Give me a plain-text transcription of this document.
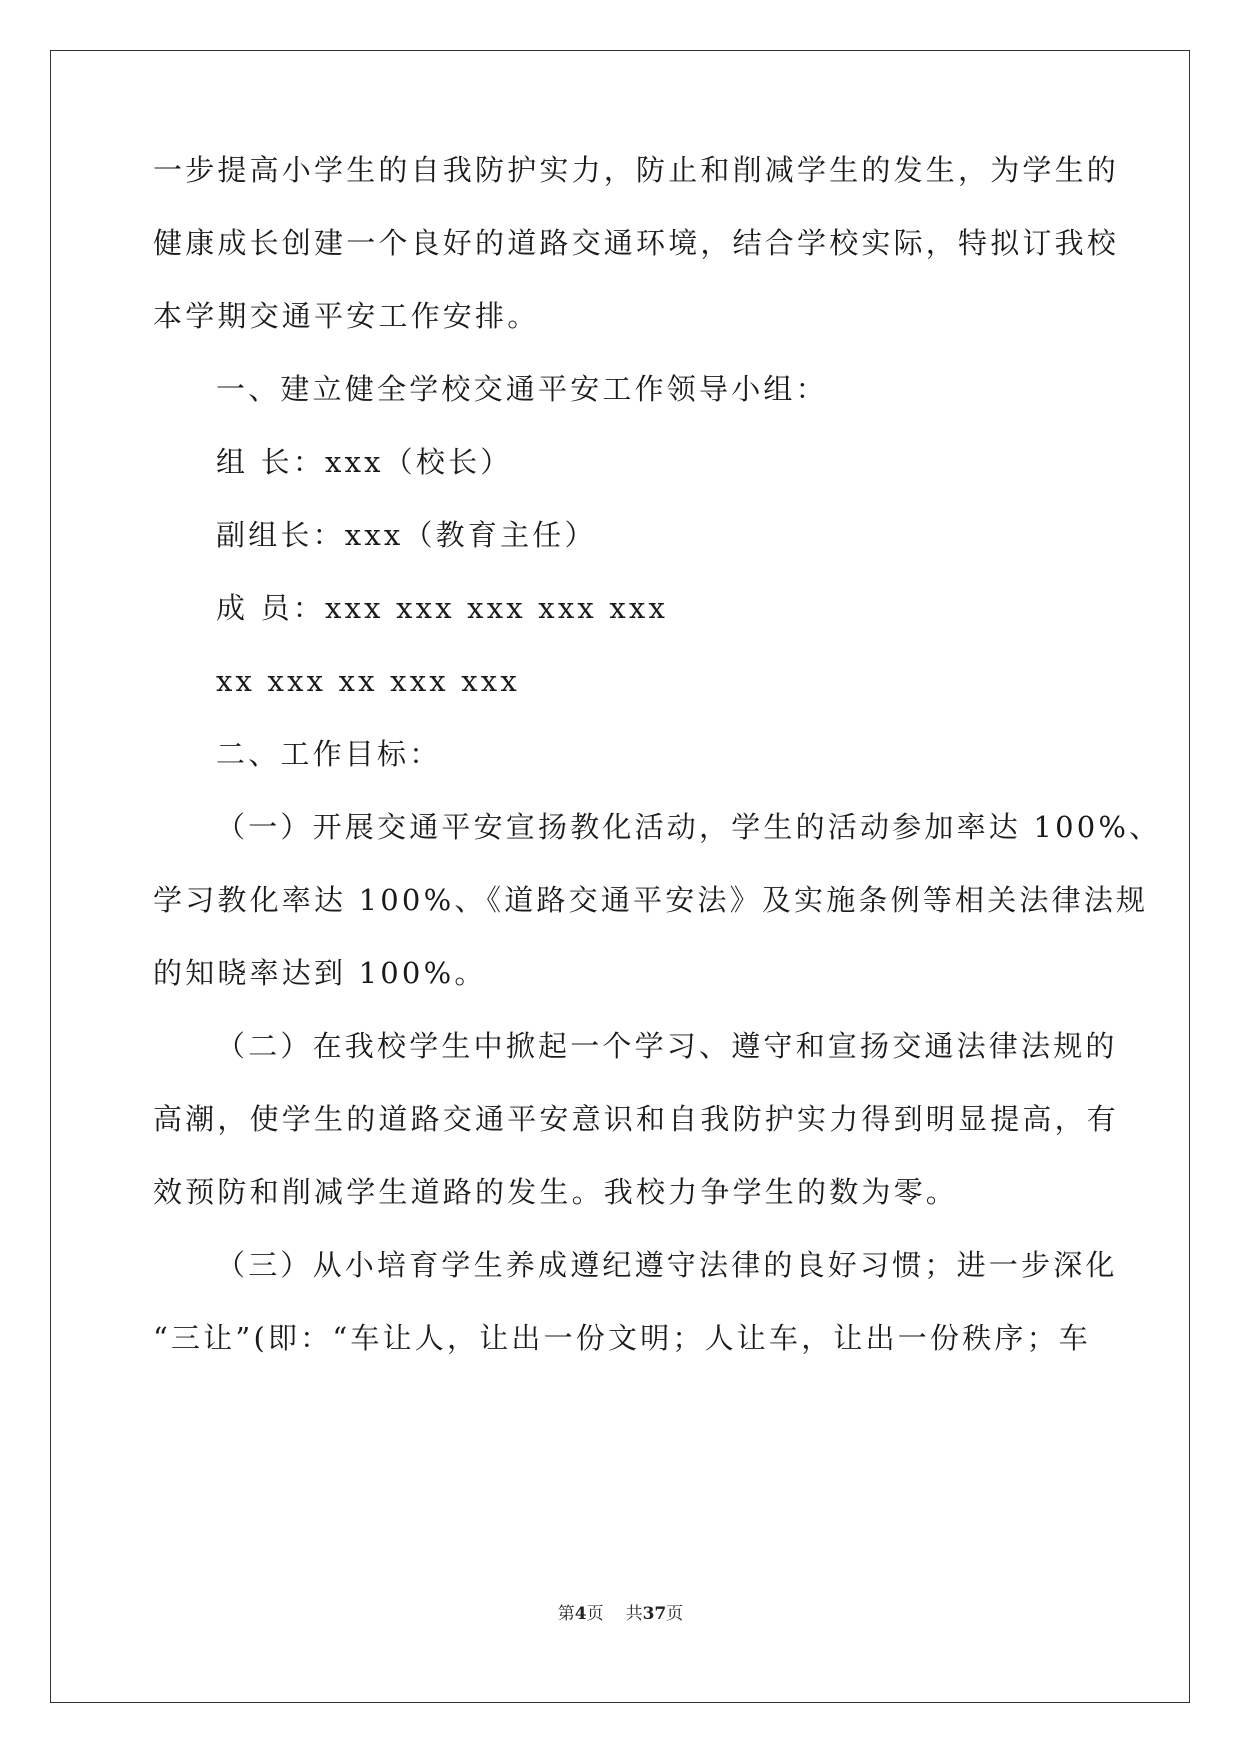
一步提高小学生的自我防护实力，防止和削减学生的发生，为学生的
健康成长创建一个良好的道路交通环境，结合学校实际，特拟订我校
本学期交通平安工作安排。
一、建立健全学校交通平安工作领导小组：
组 长：xxx（校长）
副组长：xxx（教育主任）
成 员：xxx xxx xxx xxx xxx
xx xxx xx xxx xxx
二、工作目标：
（一）开展交通平安宣扬教化活动，学生的活动参加率达 100%、
学习教化率达 100%、《道路交通平安法》及实施条例等相关法律法规
的知晓率达到 100%。
（二）在我校学生中掀起一个学习、遵守和宣扬交通法律法规的
高潮，使学生的道路交通平安意识和自我防护实力得到明显提高，有
效预防和削减学生道路的发生。我校力争学生的数为零。
（三）从小培育学生养成遵纪遵守法律的良好习惯；进一步深化
“三让”(即：“车让人，让出一份文明；人让车，让出一份秩序；车
第4页 共37页
